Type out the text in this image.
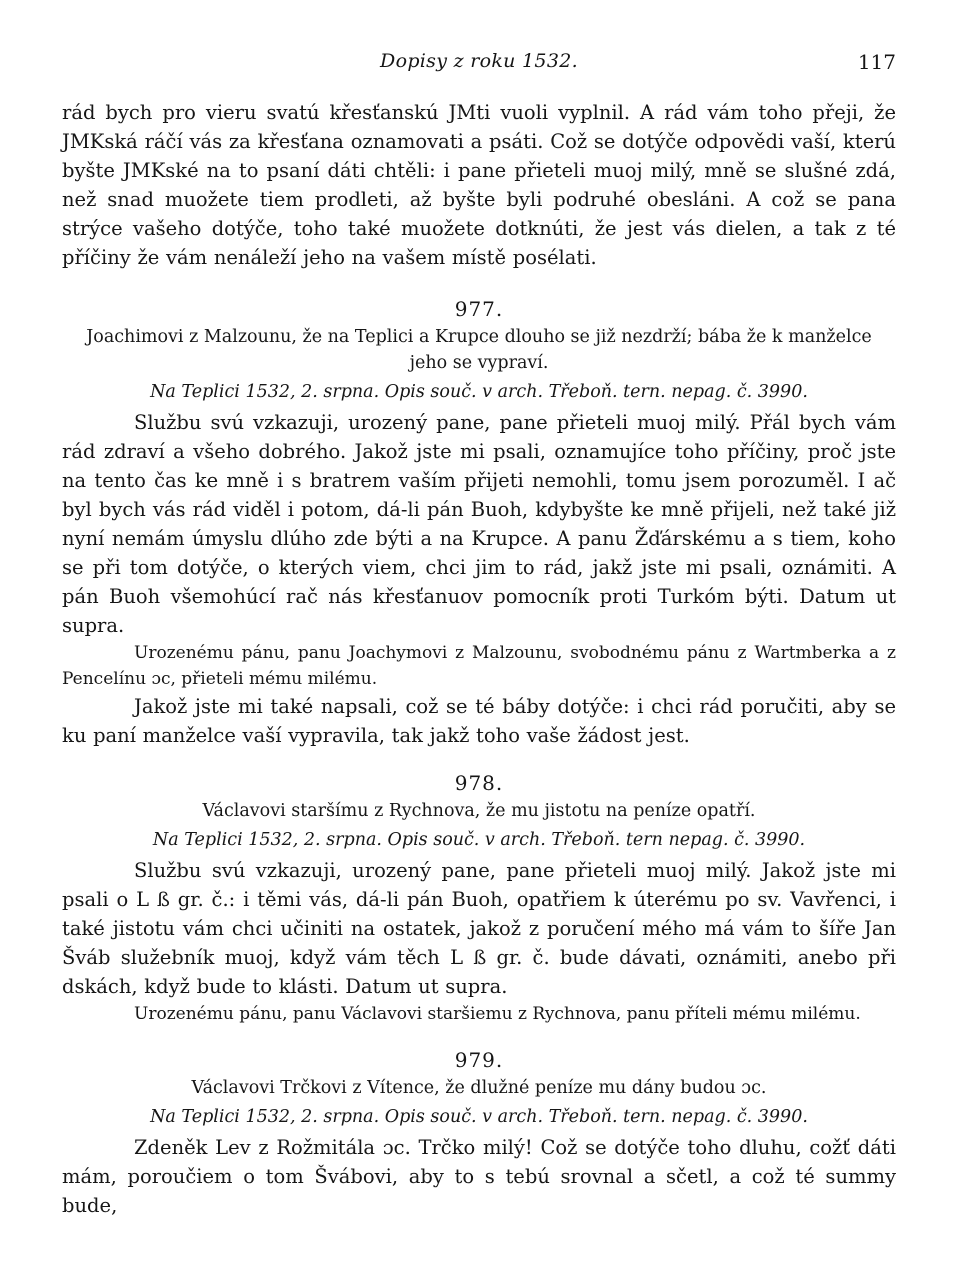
Dopisy z roku 1532.	117

rád bych pro vieru svatú křesťanskú JMti vuoli vyplnil. A rád vám toho přeji, že JMKská ráčí vás za křesťana oznamovati a psáti. Což se dotýče odpovědi vaší, kterú byšte JMKské na to psaní dáti chtěli: i pane přieteli muoj milý, mně se slušné zdá, než snad muožete tiem prodleti, až byšte byli podruhé obesláni. A což se pana strýce vašeho dotýče, toho také muožete dotknúti, že jest vás dielen, a tak z té příčiny že vám nenáleží jeho na vašem místě posélati.

977.

Joachimovi z Malzounu, že na Teplici a Krupce dlouho se již nezdrží; bába že k manželce jeho se vypraví.

Na Teplici 1532, 2. srpna. Opis souč. v arch. Třeboň. tern. nepag. č. 3990.

Službu svú vzkazuji, urozený pane, pane přieteli muoj milý. Přál bych vám rád zdraví a všeho dobrého. Jakož jste mi psali, oznamujíce toho příčiny, proč jste na tento čas ke mně i s bratrem vaším přijeti nemohli, tomu jsem porozuměl. I ač byl bych vás rád viděl i potom, dá-li pán Buoh, kdybyšte ke mně přijeli, než také již nyní nemám úmyslu dlúho zde býti a na Krupce. A panu Žďárskému a s tiem, koho se při tom dotýče, o kterých viem, chci jim to rád, jakž jste mi psali, oznámiti. A pán Buoh všemohúcí rač nás křesťanuov pomocník proti Turkóm býti. Datum ut supra.

Urozenému pánu, panu Joachymovi z Malzounu, svobodnému pánu z Wartmberka a z Pencelínu ɔc, přieteli mému milému.

Jakož jste mi také napsali, což se té báby dotýče: i chci rád poručiti, aby se ku paní manželce vaší vypravila, tak jakž toho vaše žádost jest.

978.

Václavovi staršímu z Rychnova, že mu jistotu na peníze opatří.

Na Teplici 1532, 2. srpna. Opis souč. v arch. Třeboň. tern nepag. č. 3990.

Službu svú vzkazuji, urozený pane, pane přieteli muoj milý. Jakož jste mi psali o L ß gr. č.: i těmi vás, dá-li pán Buoh, opatřiem k úterému po sv. Vavřenci, i také jistotu vám chci učiniti na ostatek, jakož z poručení mého má vám to šíře Jan Šváb služebník muoj, když vám těch L ß gr. č. bude dávati, oznámiti, anebo při dskách, když bude to klásti. Datum ut supra.

Urozenému pánu, panu Václavovi staršiemu z Rychnova, panu příteli mému milému.

979.

Václavovi Trčkovi z Vítence, že dlužné peníze mu dány budou ɔc.

Na Teplici 1532, 2. srpna. Opis souč. v arch. Třeboň. tern. nepag. č. 3990.

Zdeněk Lev z Rožmitála ɔc. Trčko milý! Což se dotýče toho dluhu, cožť dáti mám, poroučiem o tom Švábovi, aby to s tebú srovnal a sčetl, a což té summy bude,
